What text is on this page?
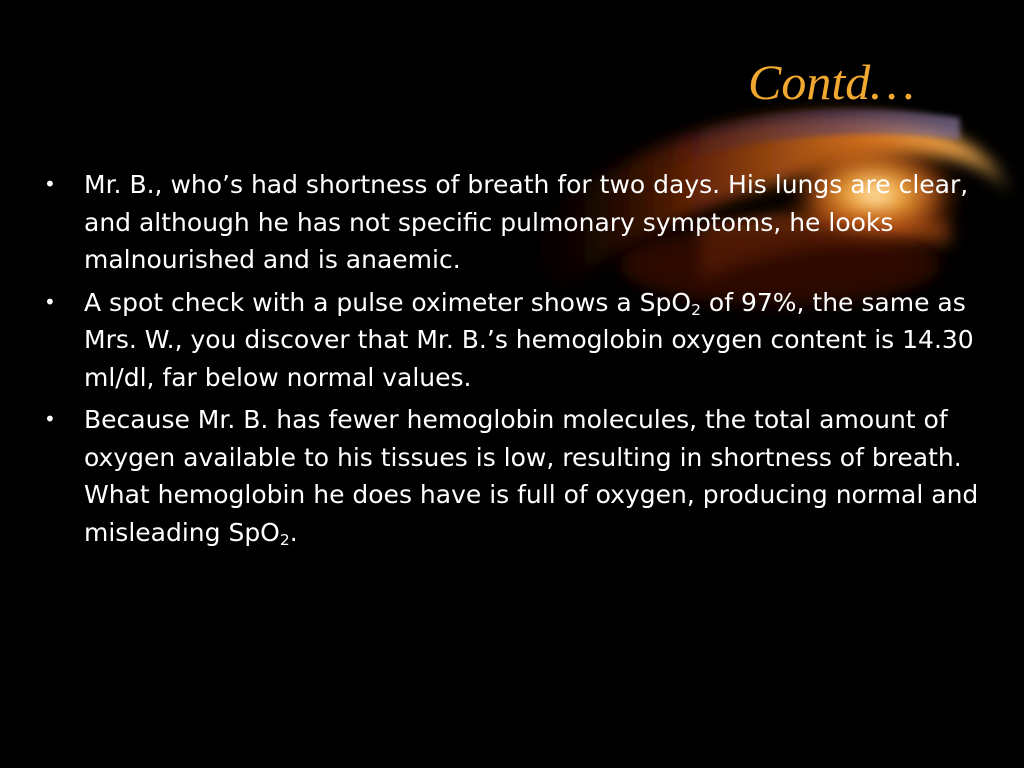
Contd…
• Mr. B., who’s had shortness of breath for two days. His lungs are clear, and although he has not specific pulmonary symptoms, he looks malnourished and is anaemic.
• A spot check with a pulse oximeter shows a SpO$_2$ of 97%, the same as Mrs. W., you discover that Mr. B.’s hemoglobin oxygen content is 14.30 ml/dl, far below normal values.
• Because Mr. B. has fewer hemoglobin molecules, the total amount of oxygen available to his tissues is low, resulting in shortness of breath. What hemoglobin he does have is full of oxygen, producing normal and misleading SpO$_2$.
